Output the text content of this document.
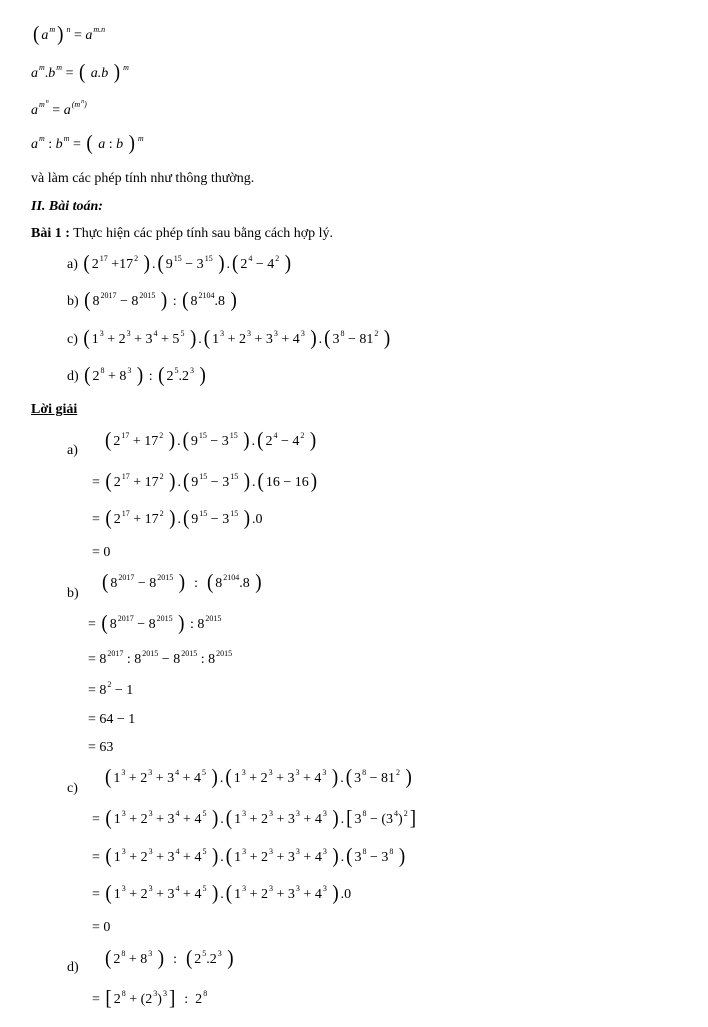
( $a^m$ ) $^n = a^{m.n}$
$a^m.b^m$ = ( a.b ) $^m$
$a^{m^n} = a^{(m^n)}$
$a^m$ : $b^m$ = ( a : b ) $^m$
và làm các phép tính như thông thường.
II. Bài toán:
Bài 1 : Thực hiện các phép tính sau bằng cách hợp lý.
a) ( $2^{17} +17^2$ ) . ( $9^{15} - 3^{15}$ ) . ( $2^4 - 4^2$ )
b) ( $8^{2017} - 8^{2015}$ ) : ( $8^{2104}.8$ )
c) ( $1^3 + 2^3 + 3^4 + 5^5$ ) . ( $1^3 + 2^3 + 3^3 + 4^3$ ) . ( $3^8 - 81^2$ )
d) ( $2^8 + 8^3$ ) : ( $2^5.2^3$ )
Lời giải
a) ( $2^{17} + 17^2$ ) . ( $9^{15} - 3^{15}$ ) . ( $2^4 - 4^2$ )
= ( $2^{17} + 17^2$ ) . ( $9^{15} - 3^{15}$ ) . ( 16 − 16 )
= ( $2^{17} + 17^2$ ) . ( $9^{15} - 3^{15}$ ) .0
= 0
b) ( $8^{2017} - 8^{2015}$ )  :  ( $8^{2104}.8$ )
= ( $8^{2017} - 8^{2015}$ ) : $8^{2015}$
= $8^{2017}$ : $8^{2015} - 8^{2015}$ : $8^{2015}$
= $8^2 - 1$
= 64 − 1
= 63
c) ( $1^3 + 2^3 + 3^4 + 4^5$ ) . ( $1^3 + 2^3 + 3^3 + 4^3$ ) . ( $3^8 - 81^2$ )
= ( $1^3 + 2^3 + 3^4 + 4^5$ ) . ( $1^3 + 2^3 + 3^3 + 4^3$ ) . [ $3^8 - (3^4)^2$ ]
= ( $1^3 + 2^3 + 3^4 + 4^5$ ) . ( $1^3 + 2^3 + 3^3 + 4^3$ ) . ( $3^8 - 3^8$ )
= ( $1^3 + 2^3 + 3^4 + 4^5$ ) . ( $1^3 + 2^3 + 3^3 + 4^3$ ) .0
= 0
d) ( $2^8 + 8^3$ )  :  ( $2^5.2^3$ )
= [ $2^8 + (2^3)^3$ ]  :  $2^8$
